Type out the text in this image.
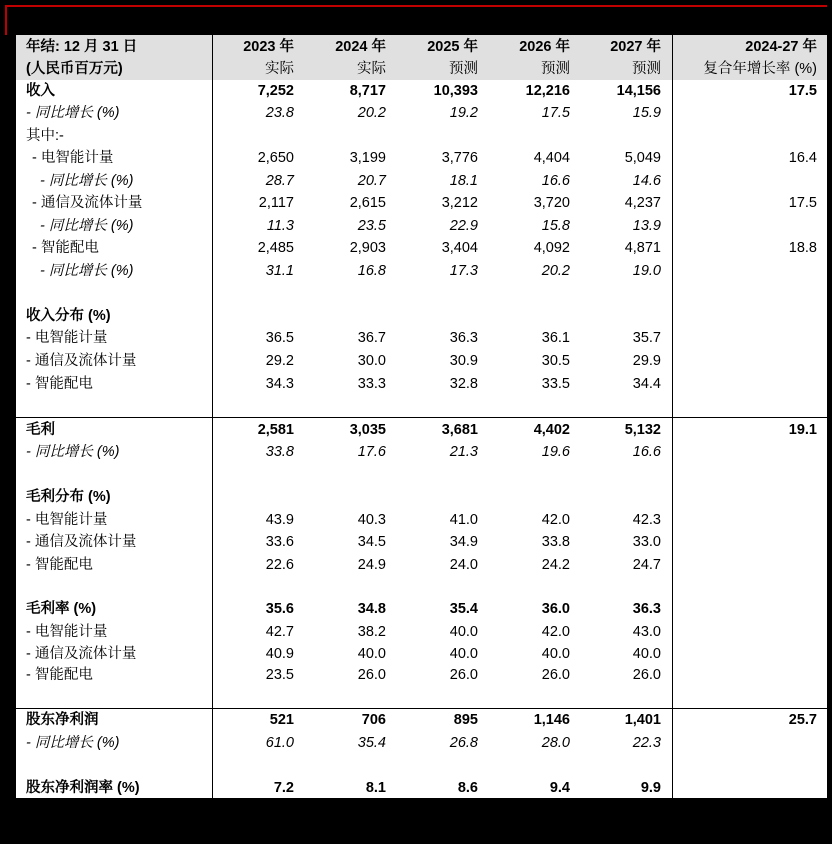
年结: 12 月 31 日	2023 年	2024 年	2025 年	2026 年	2027 年	2024-27 年
(人民币百万元)	实际	实际	预测	预测	预测	复合年增长率 (%)
收入	7,252	8,717	10,393	12,216	14,156	17.5
- 同比增长 (%)	23.8	20.2	19.2	17.5	15.9
其中:-
- 电智能计量	2,650	3,199	3,776	4,404	5,049	16.4
- 同比增长 (%)	28.7	20.7	18.1	16.6	14.6
- 通信及流体计量	2,117	2,615	3,212	3,720	4,237	17.5
- 同比增长 (%)	11.3	23.5	22.9	15.8	13.9
- 智能配电	2,485	2,903	3,404	4,092	4,871	18.8
- 同比增长 (%)	31.1	16.8	17.3	20.2	19.0
收入分布 (%)
- 电智能计量	36.5	36.7	36.3	36.1	35.7
- 通信及流体计量	29.2	30.0	30.9	30.5	29.9
- 智能配电	34.3	33.3	32.8	33.5	34.4
毛利	2,581	3,035	3,681	4,402	5,132	19.1
- 同比增长 (%)	33.8	17.6	21.3	19.6	16.6
毛利分布 (%)
- 电智能计量	43.9	40.3	41.0	42.0	42.3
- 通信及流体计量	33.6	34.5	34.9	33.8	33.0
- 智能配电	22.6	24.9	24.0	24.2	24.7
毛利率 (%)	35.6	34.8	35.4	36.0	36.3
- 电智能计量	42.7	38.2	40.0	42.0	43.0
- 通信及流体计量	40.9	40.0	40.0	40.0	40.0
- 智能配电	23.5	26.0	26.0	26.0	26.0
股东净利润	521	706	895	1,146	1,401	25.7
- 同比增长 (%)	61.0	35.4	26.8	28.0	22.3
股东净利润率 (%)	7.2	8.1	8.6	9.4	9.9
